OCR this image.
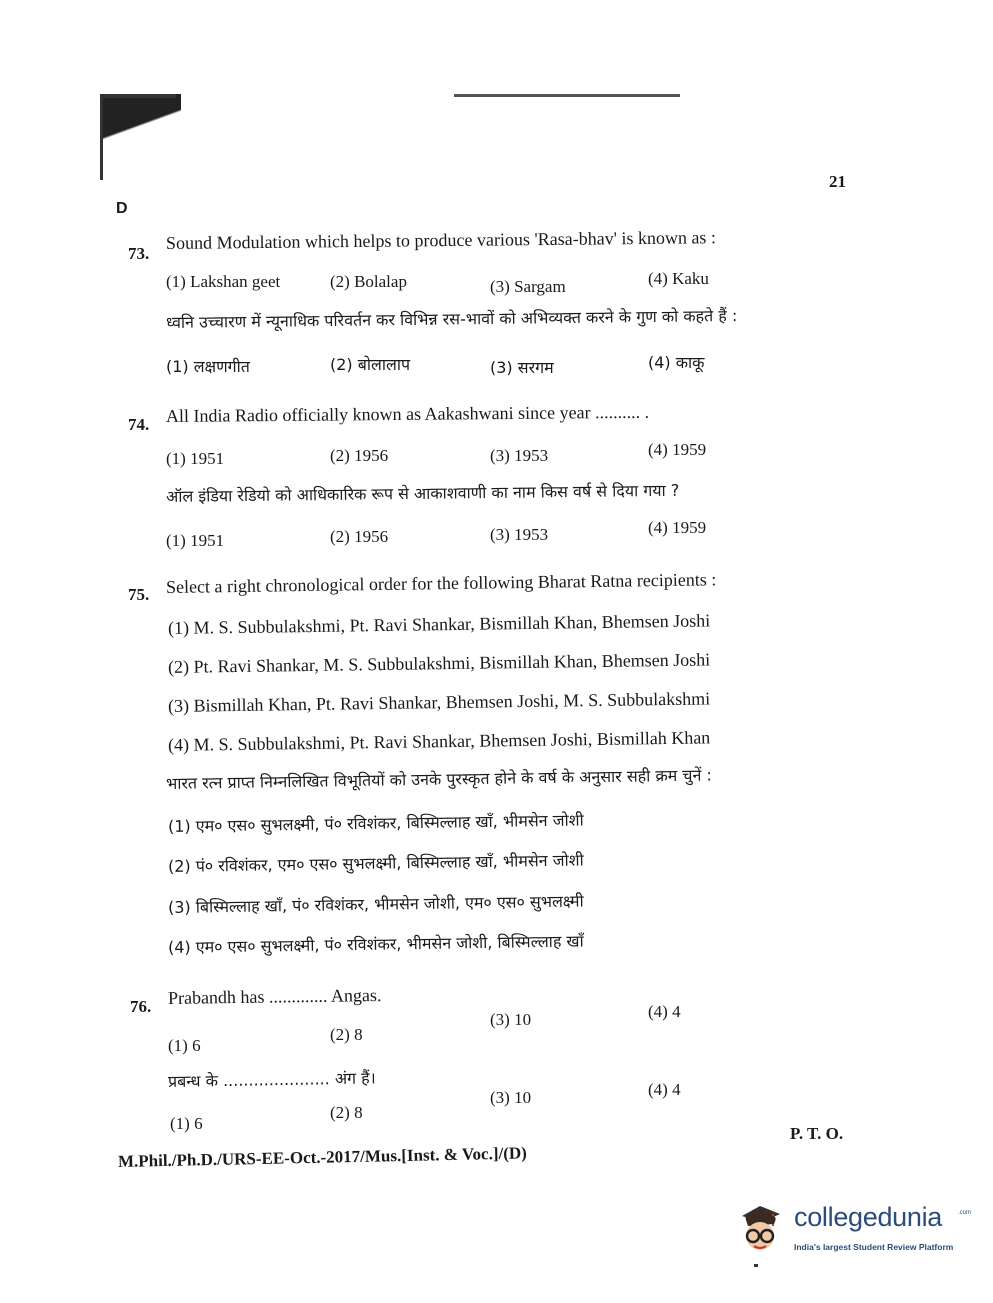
21
D
73.
Sound Modulation which helps to produce various 'Rasa-bhav' is known as :
(1) Lakshan geet	(2) Bolalap	(3) Sargam	(4) Kaku
ध्वनि उच्चारण में न्यूनाधिक परिवर्तन कर विभिन्न रस-भावों को अभिव्यक्त करने के गुण को कहते हैं :
(1) लक्षणगीत	(2) बोलालाप	(3) सरगम	(4) काकू
74. All India Radio officially known as Aakashwani since year .......... .
(1) 1951	(2) 1956	(3) 1953	(4) 1959
ऑल इंडिया रेडियो को आधिकारिक रूप से आकाशवाणी का नाम किस वर्ष से दिया गया ?
(1) 1951	(2) 1956	(3) 1953	(4) 1959
75. Select a right chronological order for the following Bharat Ratna recipients :
(1) M. S. Subbulakshmi, Pt. Ravi Shankar, Bismillah Khan, Bhemsen Joshi
(2) Pt. Ravi Shankar, M. S. Subbulakshmi, Bismillah Khan, Bhemsen Joshi
(3) Bismillah Khan, Pt. Ravi Shankar, Bhemsen Joshi, M. S. Subbulakshmi
(4) M. S. Subbulakshmi, Pt. Ravi Shankar, Bhemsen Joshi, Bismillah Khan
भारत रत्न प्राप्त निम्नलिखित विभूतियों को उनके पुरस्कृत होने के वर्ष के अनुसार सही क्रम चुनें :
(1) एम० एस० सुभलक्ष्मी, पं० रविशंकर, बिस्मिल्लाह खाँ, भीमसेन जोशी
(2) पं० रविशंकर, एम० एस० सुभलक्ष्मी, बिस्मिल्लाह खाँ, भीमसेन जोशी
(3) बिस्मिल्लाह खाँ, पं० रविशंकर, भीमसेन जोशी, एम० एस० सुभलक्ष्मी
(4) एम० एस० सुभलक्ष्मी, पं० रविशंकर, भीमसेन जोशी, बिस्मिल्लाह खाँ
76. Prabandh has ............. Angas.
(1) 6
(2) 8
(3) 10	(4) 4
प्रबन्ध के ..................... अंग हैं।
(1) 6
(2) 8
(3) 10	(4) 4
P. T. O.
M.Phil./Ph.D./URS-EE-Oct.-2017/Mus.[Inst. & Voc.]/(D)
collegedunia	.com
India's largest Student Review Platform
